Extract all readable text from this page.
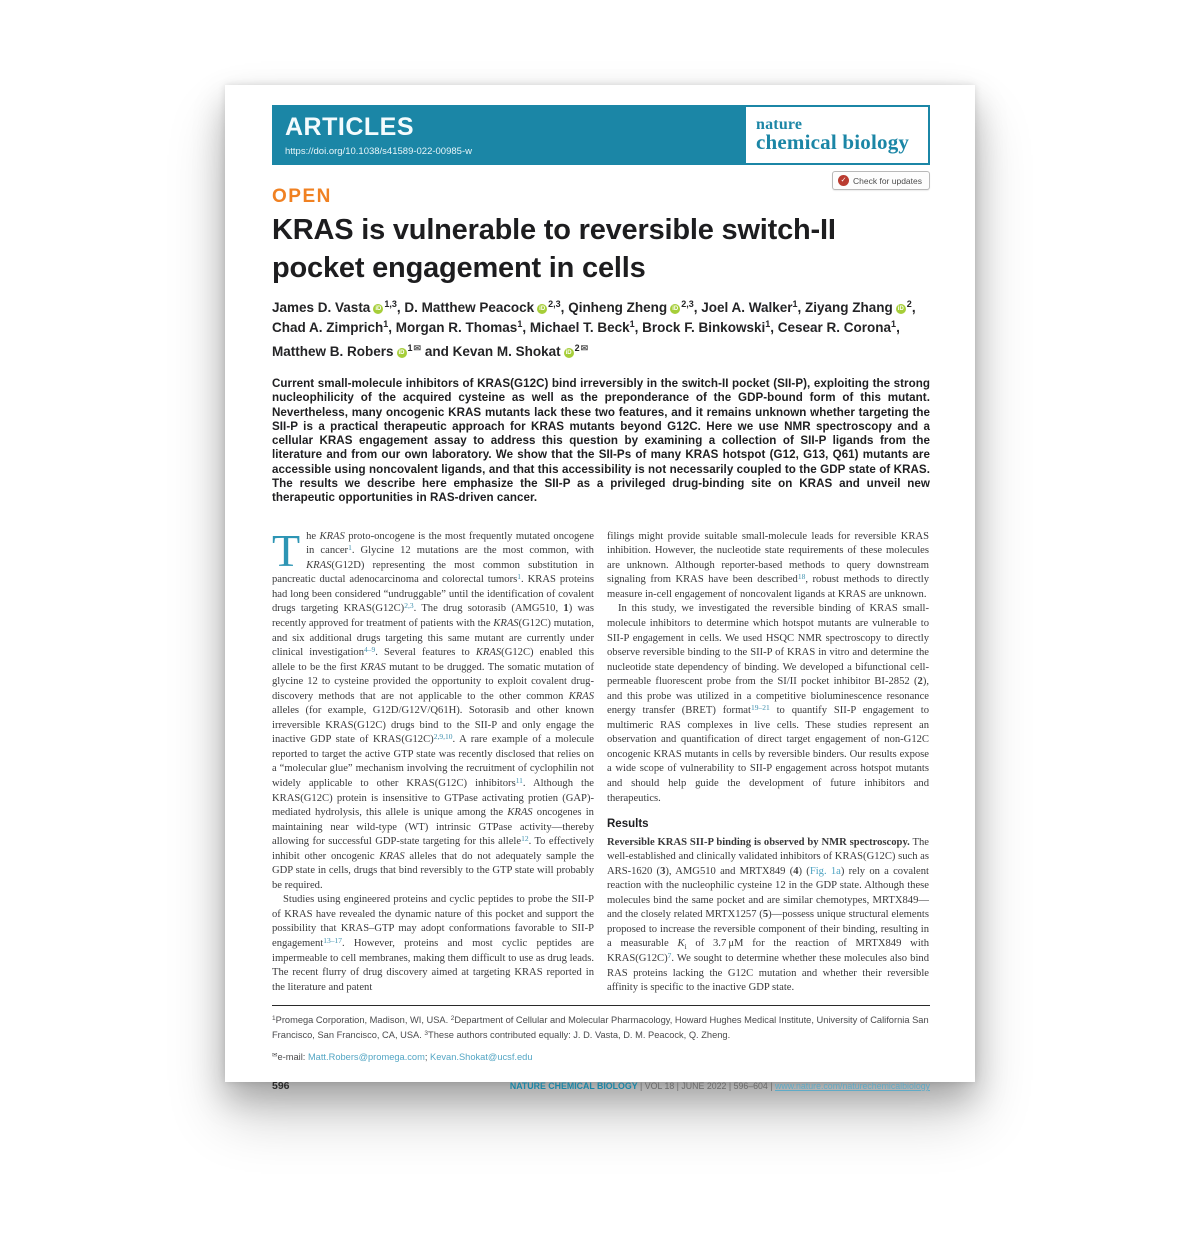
ARTICLES
https://doi.org/10.1038/s41589-022-00985-w
nature
chemical biology
✓ Check for updates
OPEN
KRAS is vulnerable to reversible switch-II pocket engagement in cells
James D. Vasta iD $^{1,3}$, D. Matthew Peacock iD $^{2,3}$, Qinheng Zheng iD $^{2,3}$, Joel A. Walker$^1$, Ziyang Zhang iD $^2$, Chad A. Zimprich$^1$, Morgan R. Thomas$^1$, Michael T. Beck$^1$, Brock F. Binkowski$^1$, Cesear R. Corona$^1$, Matthew B. Robers iD $^{1✉}$ and Kevan M. Shokat iD $^{2✉}$
Current small-molecule inhibitors of KRAS(G12C) bind irreversibly in the switch-II pocket (SII-P), exploiting the strong nucleophilicity of the acquired cysteine as well as the preponderance of the GDP-bound form of this mutant. Nevertheless, many oncogenic KRAS mutants lack these two features, and it remains unknown whether targeting the SII-P is a practical therapeutic approach for KRAS mutants beyond G12C. Here we use NMR spectroscopy and a cellular KRAS engagement assay to address this question by examining a collection of SII-P ligands from the literature and from our own laboratory. We show that the SII-Ps of many KRAS hotspot (G12, G13, Q61) mutants are accessible using noncovalent ligands, and that this accessibility is not necessarily coupled to the GDP state of KRAS. The results we describe here emphasize the SII-P as a privileged drug-binding site on KRAS and unveil new therapeutic opportunities in RAS-driven cancer.

The KRAS proto-oncogene is the most frequently mutated oncogene in cancer$^1$. Glycine 12 mutations are the most common, with KRAS(G12D) representing the most common substitution in pancreatic ductal adenocarcinoma and colorectal tumors$^1$. KRAS proteins had long been considered “undruggable” until the identification of covalent drugs targeting $KRAS(G12C)^{2,3}$. The drug sotorasib (AMG510, 1) was recently approved for treatment of patients with the KRAS(G12C) mutation, and six additional drugs targeting this same mutant are currently under clinical investigation$^{4-9}$. Several features to KRAS(G12C) enabled this allele to be the first KRAS mutant to be drugged. The somatic mutation of glycine 12 to cysteine provided the opportunity to exploit covalent drug-discovery methods that are not applicable to the other common KRAS alleles (for example, G12D/G12V/Q61H). Sotorasib and other known irreversible KRAS(G12C) drugs bind to the SII-P and only engage the inactive GDP state of $KRAS(G12C)^{2,9,10}$. A rare example of a molecule reported to target the active GTP state was recently disclosed that relies on a “molecular glue” mechanism involving the recruitment of cyclophilin not widely applicable to other KRAS(G12C) inhibitors$^{11}$. Although the KRAS(G12C) protein is insensitive to GTPase activating protien (GAP)-mediated hydrolysis, this allele is unique among the KRAS oncogenes in maintaining near wild-type (WT) intrinsic GTPase activity—thereby allowing for successful GDP-state targeting for this allele$^{12}$. To effectively inhibit other oncogenic KRAS alleles that do not adequately sample the GDP state in cells, drugs that bind reversibly to the GTP state will probably be required.

Studies using engineered proteins and cyclic peptides to probe the SII-P of KRAS have revealed the dynamic nature of this pocket and support the possibility that KRAS–GTP may adopt conformations favorable to SII-P engagement$^{13-17}$. However, proteins and most cyclic peptides are impermeable to cell membranes, making them difficult to use as drug leads. The recent flurry of drug discovery aimed at targeting KRAS reported in the literature and patent

filings might provide suitable small-molecule leads for reversible KRAS inhibition. However, the nucleotide state requirements of these molecules are unknown. Although reporter-based methods to query downstream signaling from KRAS have been described$^{18}$, robust methods to directly measure in-cell engagement of noncovalent ligands at KRAS are unknown.

In this study, we investigated the reversible binding of KRAS small-molecule inhibitors to determine which hotspot mutants are vulnerable to SII-P engagement in cells. We used HSQC NMR spectroscopy to directly observe reversible binding to the SII-P of KRAS in vitro and determine the nucleotide state dependency of binding. We developed a bifunctional cell-permeable fluorescent probe from the SI/II pocket inhibitor BI-2852 (2), and this probe was utilized in a competitive bioluminescence resonance energy transfer (BRET) format$^{19-21}$ to quantify SII-P engagement to multimeric RAS complexes in live cells. These studies represent an observation and quantification of direct target engagement of non-G12C oncogenic KRAS mutants in cells by reversible binders. Our results expose a wide scope of vulnerability to SII-P engagement across hotspot mutants and should help guide the development of future inhibitors and therapeutics.

Results

Reversible KRAS SII-P binding is observed by NMR spectroscopy. The well-established and clinically validated inhibitors of KRAS(G12C) such as ARS-1620 (3), AMG510 and MRTX849 (4) (Fig. 1a) rely on a covalent reaction with the nucleophilic cysteine 12 in the GDP state. Although these molecules bind the same pocket and are similar chemotypes, MRTX849—and the closely related MRTX1257 (5)—possess unique structural elements proposed to increase the reversible component of their binding, resulting in a measurable $K_i$ of 3.7 μM for the reaction of MRTX849 with $KRAS(G12C)^7$. We sought to determine whether these molecules also bind RAS proteins lacking the G12C mutation and whether their reversible affinity is specific to the inactive GDP state.

$^1$Promega Corporation, Madison, WI, USA. $^2$Department of Cellular and Molecular Pharmacology, Howard Hughes Medical Institute, University of California San Francisco, San Francisco, CA, USA. $^3$These authors contributed equally: J. D. Vasta, D. M. Peacock, Q. Zheng.
✉e-mail: Matt.Robers@promega.com; Kevan.Shokat@ucsf.edu
596	NATURE CHEMICAL BIOLOGY | VOL 18 | JUNE 2022 | 596–604 | www.nature.com/naturechemicalbiology
